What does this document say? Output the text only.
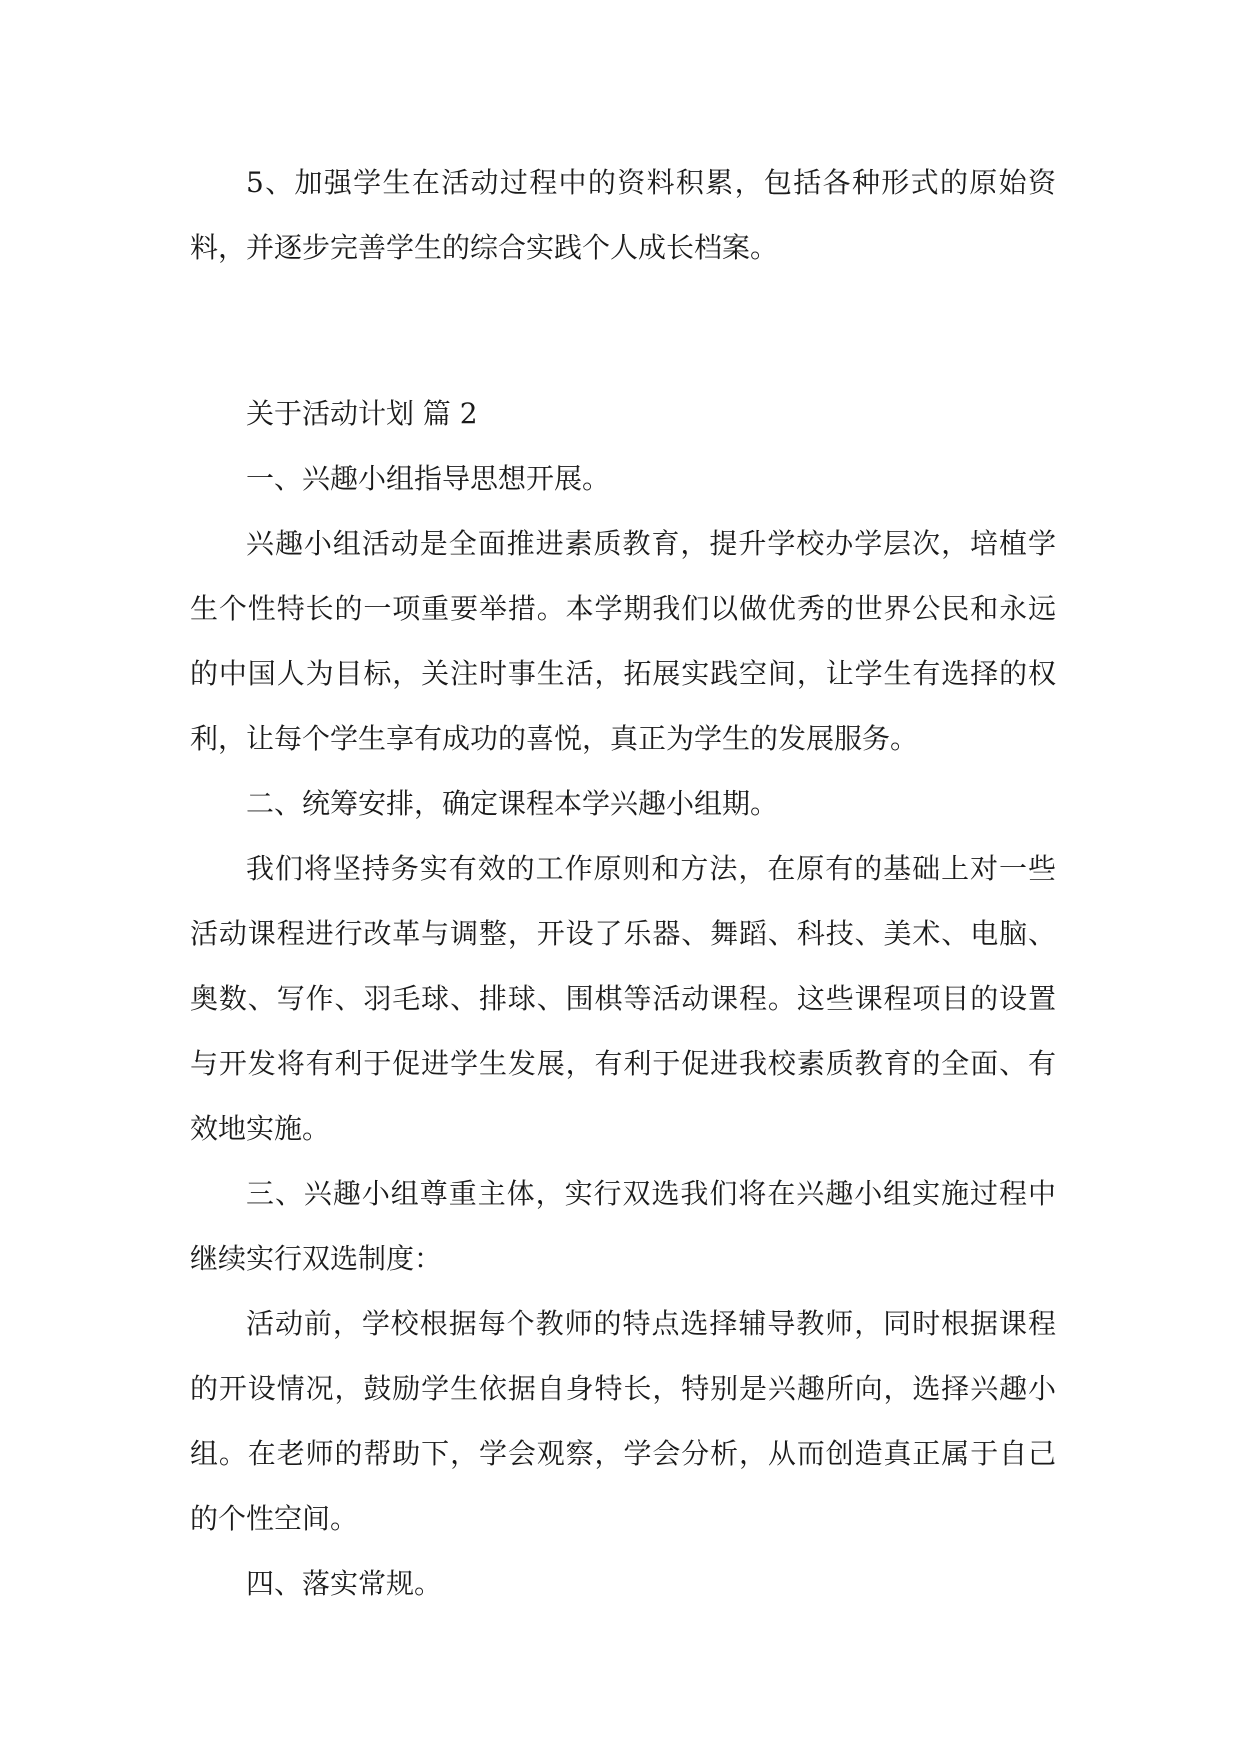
5、加强学生在活动过程中的资料积累，包括各种形式的原始资料，并逐步完善学生的综合实践个人成长档案。

关于活动计划 篇 2

一、兴趣小组指导思想开展。

兴趣小组活动是全面推进素质教育，提升学校办学层次，培植学生个性特长的一项重要举措。本学期我们以做优秀的世界公民和永远的中国人为目标，关注时事生活，拓展实践空间，让学生有选择的权利，让每个学生享有成功的喜悦，真正为学生的发展服务。

二、统筹安排，确定课程本学兴趣小组期。

我们将坚持务实有效的工作原则和方法，在原有的基础上对一些活动课程进行改革与调整，开设了乐器、舞蹈、科技、美术、电脑、奥数、写作、羽毛球、排球、围棋等活动课程。这些课程项目的设置与开发将有利于促进学生发展，有利于促进我校素质教育的全面、有效地实施。

三、兴趣小组尊重主体，实行双选我们将在兴趣小组实施过程中继续实行双选制度：

活动前，学校根据每个教师的特点选择辅导教师，同时根据课程的开设情况，鼓励学生依据自身特长，特别是兴趣所向，选择兴趣小组。在老师的帮助下，学会观察，学会分析，从而创造真正属于自己的个性空间。

四、落实常规。
